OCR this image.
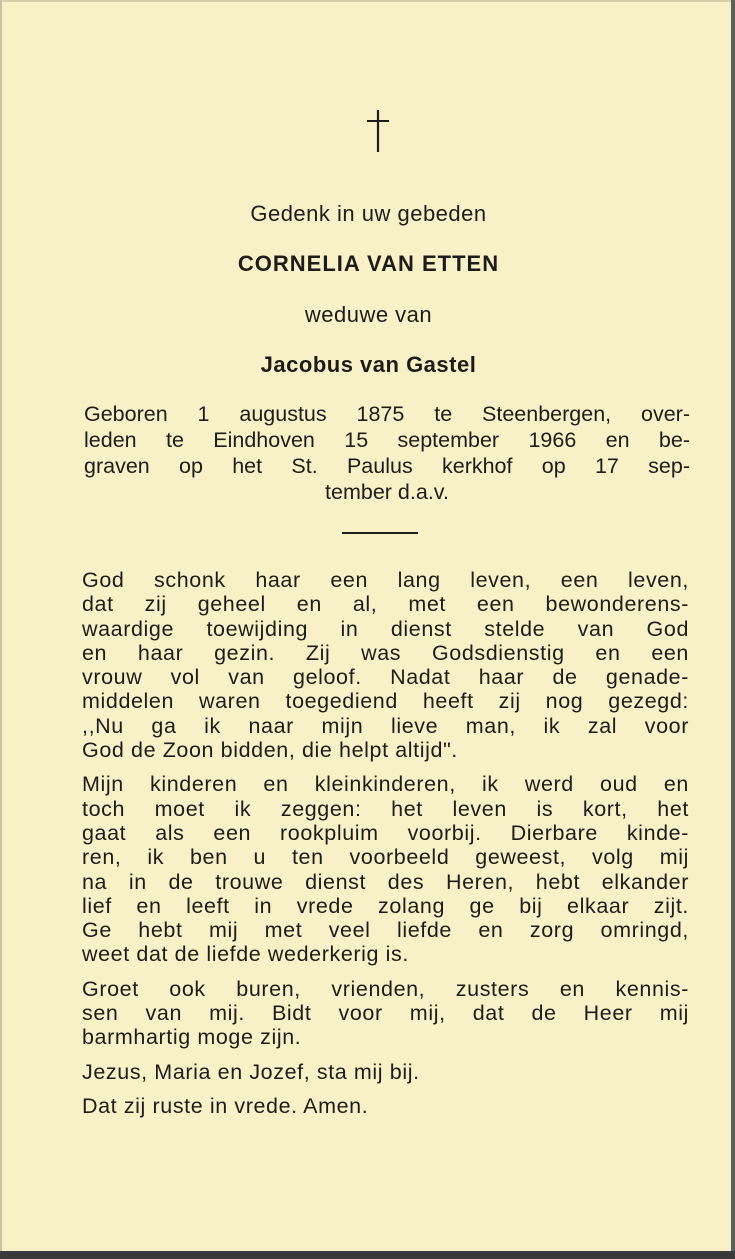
Gedenk in uw gebeden
CORNELIA VAN ETTEN
weduwe van
Jacobus van Gastel
Geboren 1 augustus 1875 te Steenbergen, over-
leden te Eindhoven 15 september 1966 en be-
graven op het St. Paulus kerkhof op 17 sep-
tember d.a.v.
God schonk haar een lang leven, een leven,
dat zij geheel en al, met een bewonderens-
waardige toewijding in dienst stelde van God
en haar gezin. Zij was Godsdienstig en een
vrouw vol van geloof. Nadat haar de genade-
middelen waren toegediend heeft zij nog gezegd:
,,Nu ga ik naar mijn lieve man, ik zal voor
God de Zoon bidden, die helpt altijd".
Mijn kinderen en kleinkinderen, ik werd oud en
toch moet ik zeggen: het leven is kort, het
gaat als een rookpluim voorbij. Dierbare kinde-
ren, ik ben u ten voorbeeld geweest, volg mij
na in de trouwe dienst des Heren, hebt elkander
lief en leeft in vrede zolang ge bij elkaar zijt.
Ge hebt mij met veel liefde en zorg omringd,
weet dat de liefde wederkerig is.
Groet ook buren, vrienden, zusters en kennis-
sen van mij. Bidt voor mij, dat de Heer mij
barmhartig moge zijn.
Jezus, Maria en Jozef, sta mij bij.
Dat zij ruste in vrede. Amen.
